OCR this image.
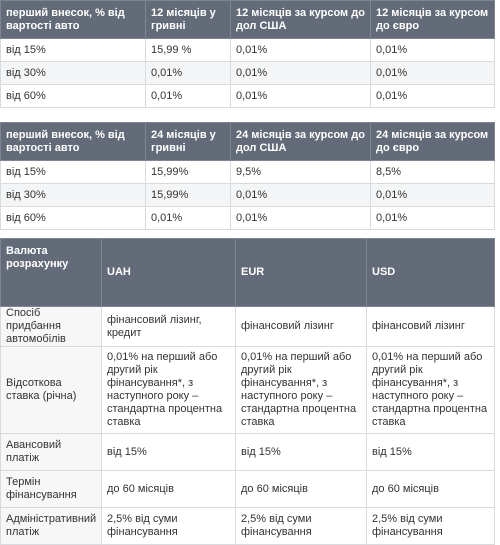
перший внесок, % від вартості авто	12 місяців у гривні	12 місяців за курсом до дол США	12 місяців за курсом до євро
від 15%	15,99 %	0,01%	0,01%
від 30%	0,01%	0,01%	0,01%
від 60%	0,01%	0,01%	0,01%
перший внесок, % від вартості авто	24 місяців у гривні	24 місяців за курсом до дол США	24 місяців за курсом до євро
від 15%	15,99%	9,5%	8,5%
від 30%	15,99%	0,01%	0,01%
від 60%	0,01%	0,01%	0,01%
Валюта розрахунку	UAH	EUR	USD
Спосіб придбання автомобілів	фінансовий лізинг, кредит	фінансовий лізинг	фінансовий лізинг
Відсоткова ставка (річна)	0,01% на перший або другий рік фінансування*, з наступного року – стандартна процентна ставка	0,01% на перший або другий рік фінансування*, з наступного року – стандартна процентна ставка	0,01% на перший або другий рік фінансування*, з наступного року – стандартна процентна ставка
Авансовий платіж	від 15%	від 15%	від 15%
Термін фінансування	до 60 місяців	до 60 місяців	до 60 місяців
Адміністративний платіж	2,5% від суми фінансування	2,5% від суми фінансування	2,5% від суми фінансування
